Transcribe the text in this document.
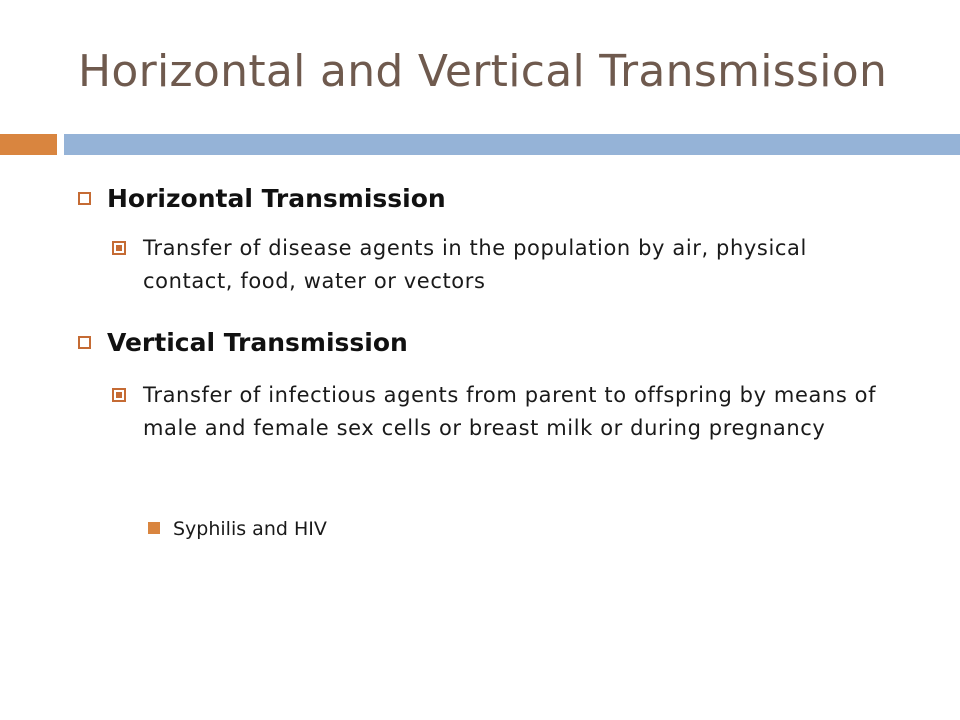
Horizontal and Vertical Transmission
Horizontal Transmission
Transfer of disease agents in the population by air, physical contact, food, water or vectors
Vertical Transmission
Transfer of infectious agents from parent to offspring by means of male and female sex cells or breast milk or during pregnancy
Syphilis and HIV
